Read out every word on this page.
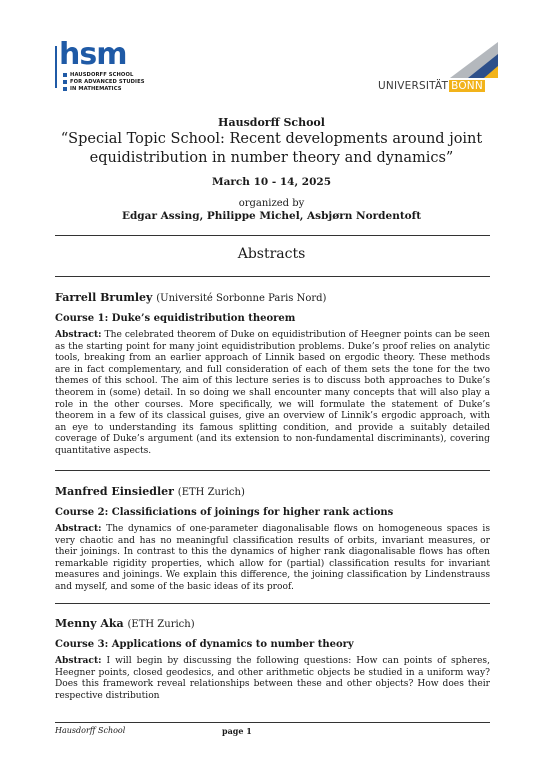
hsm
HAUSDORFF SCHOOL
FOR ADVANCED STUDIES
IN MATHEMATICS	UNIVERSITÄT BONN
Hausdorff School
“Special Topic School: Recent developments around joint
equidistribution in number theory and dynamics”
March 10 - 14, 2025
organized by
Edgar Assing, Philippe Michel, Asbjørn Nordentoft
Abstracts
Farrell Brumley (Université Sorbonne Paris Nord)
Course 1: Duke’s equidistribution theorem
Abstract: The celebrated theorem of Duke on equidistribution of Heegner points can be seen as the starting point for many joint equidistribution problems. Duke’s proof relies on analytic tools, breaking from an earlier approach of Linnik based on ergodic theory. These methods are in fact complementary, and full consideration of each of them sets the tone for the two themes of this school. The aim of this lecture series is to discuss both approaches to Duke’s theorem in (some) detail. In so doing we shall encounter many concepts that will also play a role in the other courses. More specifically, we will formulate the statement of Duke’s theorem in a few of its classical guises, give an overview of Linnik’s ergodic approach, with an eye to understanding its famous splitting condition, and provide a suitably detailed coverage of Duke’s argument (and its extension to non-fundamental discriminants), covering quantitative aspects.
Manfred Einsiedler (ETH Zurich)
Course 2: Classificiations of joinings for higher rank actions
Abstract: The dynamics of one-parameter diagonalisable flows on homogeneous spaces is very chaotic and has no meaningful classification results of orbits, invariant measures, or their joinings. In contrast to this the dynamics of higher rank diagonalisable flows has often remarkable rigidity properties, which allow for (partial) classification results for invariant measures and joinings. We explain this difference, the joining classification by Lindenstrauss and myself, and some of the basic ideas of its proof.
Menny Aka (ETH Zurich)
Course 3: Applications of dynamics to number theory
Abstract: I will begin by discussing the following questions: How can points of spheres, Heegner points, closed geodesics, and other arithmetic objects be studied in a uniform way? Does this framework reveal relationships between these and other objects? How does their respective distribution
Hausdorff School	page 1
